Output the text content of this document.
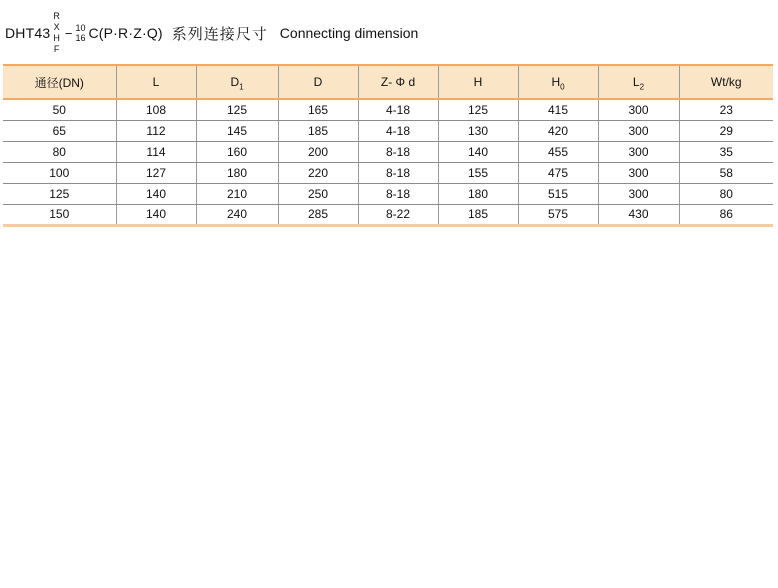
DHT43
R
X
H
F
− 10
16 C(P·R·Z·Q) 系列连接尺寸 Connecting dimension
通径(DN)	L	$D_1$	D	Z- Φ d	H	$H_0$	$L_2$	Wt/kg
50	108	125	165	4-18	125	415	300	23
65	112	145	185	4-18	130	420	300	29
80	114	160	200	8-18	140	455	300	35
100	127	180	220	8-18	155	475	300	58
125	140	210	250	8-18	180	515	300	80
150	140	240	285	8-22	185	575	430	86
